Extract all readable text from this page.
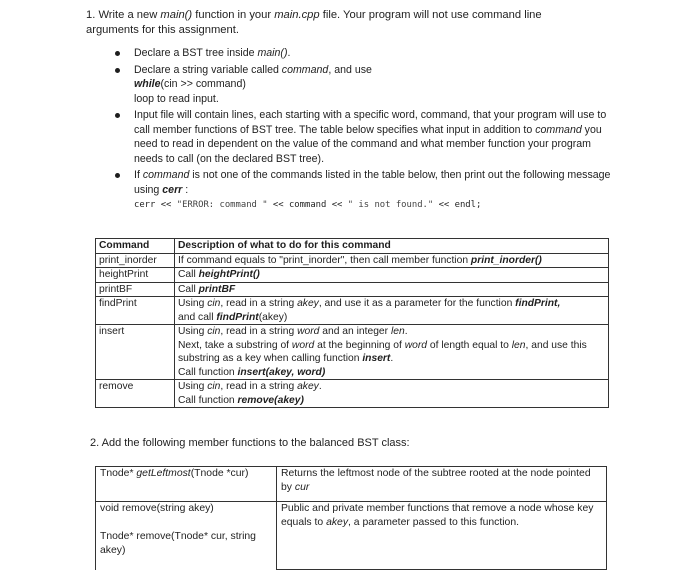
1. Write a new main() function in your main.cpp file. Your program will not use command line
arguments for this assignment.
Declare a BST tree inside main().
Declare a string variable called command, and use
while(cin >> command)
loop to read input.
Input file will contain lines, each starting with a specific word, command, that your program will use to call member functions of BST tree. The table below specifies what input in addition to command you need to read in dependent on the value of the command and what member function your program needs to call (on the declared BST tree).
If command is not one of the commands listed in the table below, then print out the following message using cerr :
cerr << "ERROR: command " << command << " is not found." << endl;
Command	Description of what to do for this command
print_inorder	If command equals to "print_inorder", then call member function print_inorder()
heightPrint	Call heightPrint()
printBF	Call printBF
findPrint	Using cin, read in a string akey, and use it as a parameter for the function findPrint,
and call findPrint(akey)
insert	Using cin, read in a string word and an integer len.
Next, take a substring of word at the beginning of word of length equal to len, and use this substring as a key when calling function insert.
Call function insert(akey, word)
remove	Using cin, read in a string akey.
Call function remove(akey)
2. Add the following member functions to the balanced BST class:
Tnode* getLeftmost(Tnode *cur)	Returns the leftmost node of the subtree rooted at the node pointed by cur
void remove(string akey)

Tnode* remove(Tnode* cur, string akey)	Public and private member functions that remove a node whose key equals to akey, a parameter passed to this function.
